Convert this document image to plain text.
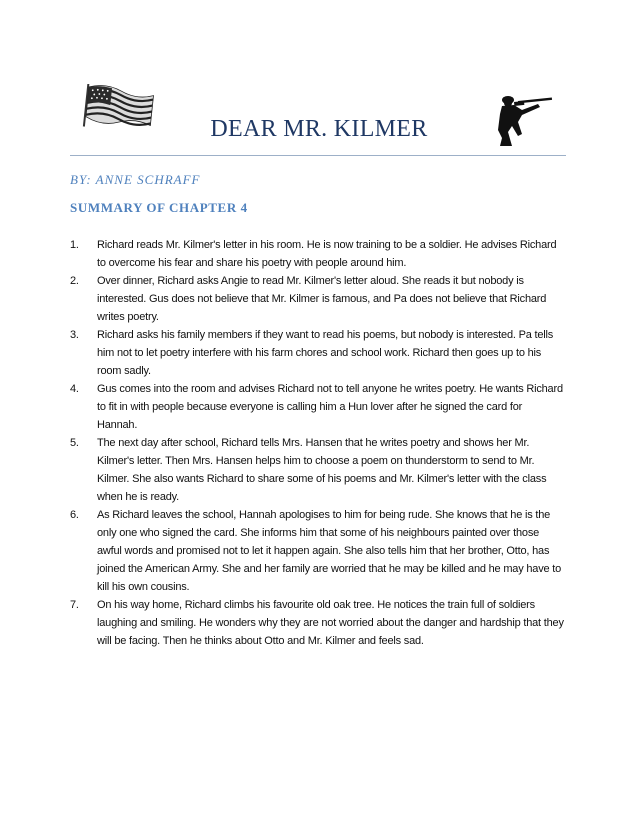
DEAR MR. KILMER

BY: ANNE SCHRAFF

SUMMARY OF CHAPTER 4
1. Richard reads Mr. Kilmer's letter in his room. He is now training to be a soldier. He advises Richard to overcome his fear and share his poetry with people around him.
2. Over dinner, Richard asks Angie to read Mr. Kilmer's letter aloud. She reads it but nobody is interested. Gus does not believe that Mr. Kilmer is famous, and Pa does not believe that Richard writes poetry.
3. Richard asks his family members if they want to read his poems, but nobody is interested. Pa tells him not to let poetry interfere with his farm chores and school work. Richard then goes up to his room sadly.
4. Gus comes into the room and advises Richard not to tell anyone he writes poetry. He wants Richard to fit in with people because everyone is calling him a Hun lover after he signed the card for Hannah.
5. The next day after school, Richard tells Mrs. Hansen that he writes poetry and shows her Mr. Kilmer's letter. Then Mrs. Hansen helps him to choose a poem on thunderstorm to send to Mr. Kilmer. She also wants Richard to share some of his poems and Mr. Kilmer's letter with the class when he is ready.
6. As Richard leaves the school, Hannah apologises to him for being rude. She knows that he is the only one who signed the card. She informs him that some of his neighbours painted over those awful words and promised not to let it happen again. She also tells him that her brother, Otto, has joined the American Army. She and her family are worried that he may be killed and he may have to kill his own cousins.
7. On his way home, Richard climbs his favourite old oak tree. He notices the train full of soldiers laughing and smiling. He wonders why they are not worried about the danger and hardship that they will be facing. Then he thinks about Otto and Mr. Kilmer and feels sad.
